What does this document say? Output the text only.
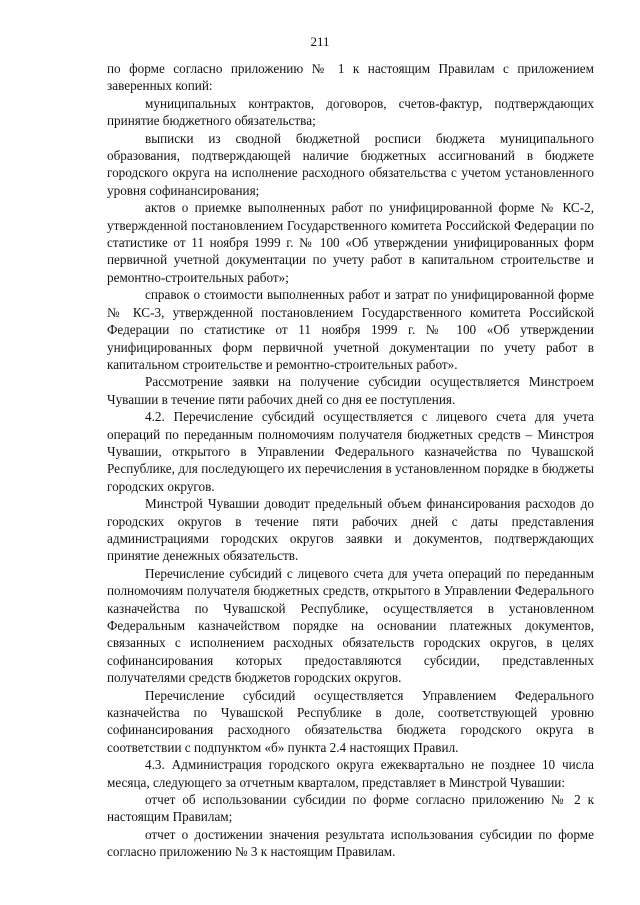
211

по форме согласно приложению № 1 к настоящим Правилам с приложением заверенных копий:

муниципальных контрактов, договоров, счетов-фактур, подтверждающих принятие бюджетного обязательства;

выписки из сводной бюджетной росписи бюджета муниципального образования, подтверждающей наличие бюджетных ассигнований в бюджете городского округа на исполнение расходного обязательства с учетом установленного уровня софинансирования;

актов о приемке выполненных работ по унифицированной форме № КС-2, утвержденной постановлением Государственного комитета Российской Федерации по статистике от 11 ноября 1999 г. № 100 «Об утверждении унифицированных форм первичной учетной документации по учету работ в капитальном строительстве и ремонтно-строительных работ»;

справок о стоимости выполненных работ и затрат по унифицированной форме № КС-3, утвержденной постановлением Государственного комитета Российской Федерации по статистике от 11 ноября 1999 г. № 100 «Об утверждении унифицированных форм первичной учетной документации по учету работ в капитальном строительстве и ремонтно-строительных работ».

Рассмотрение заявки на получение субсидии осуществляется Минстроем Чувашии в течение пяти рабочих дней со дня ее поступления.

4.2. Перечисление субсидий осуществляется с лицевого счета для учета операций по переданным полномочиям получателя бюджетных средств – Минстроя Чувашии, открытого в Управлении Федерального казначейства по Чувашской Республике, для последующего их перечисления в установленном порядке в бюджеты городских округов.

Минстрой Чувашии доводит предельный объем финансирования расходов до городских округов в течение пяти рабочих дней с даты представления администрациями городских округов заявки и документов, подтверждающих принятие денежных обязательств.

Перечисление субсидий с лицевого счета для учета операций по переданным полномочиям получателя бюджетных средств, открытого в Управлении Федерального казначейства по Чувашской Республике, осуществляется в установленном Федеральным казначейством порядке на основании платежных документов, связанных с исполнением расходных обязательств городских округов, в целях софинансирования которых предоставляются субсидии, представленных получателями средств бюджетов городских округов.

Перечисление субсидий осуществляется Управлением Федерального казначейства по Чувашской Республике в доле, соответствующей уровню софинансирования расходного обязательства бюджета городского округа в соответствии с подпунктом «б» пункта 2.4 настоящих Правил.

4.3. Администрация городского округа ежеквартально не позднее 10 числа месяца, следующего за отчетным кварталом, представляет в Минстрой Чувашии:

отчет об использовании субсидии по форме согласно приложению № 2 к настоящим Правилам;

отчет о достижении значения результата использования субсидии по форме согласно приложению № 3 к настоящим Правилам.
